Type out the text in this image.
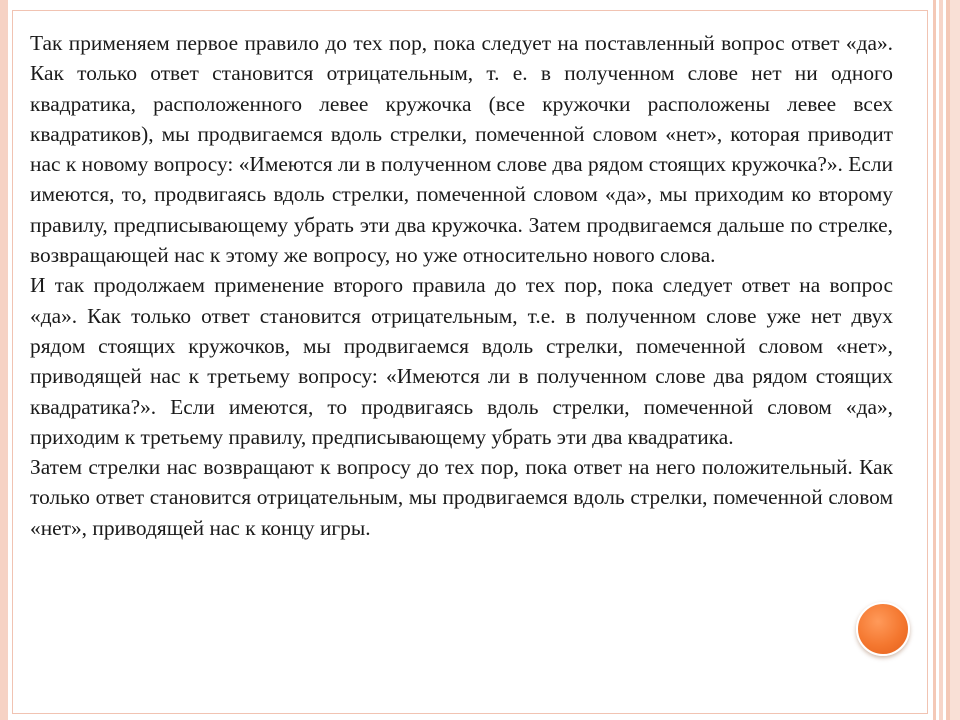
Так применяем первое правило до тех пор, пока следует на поставленный вопрос ответ «да». Как только ответ становится отрицательным, т. е. в полученном слове нет ни одного квадратика, расположенного левее кружочка (все кружочки расположены левее всех квадратиков), мы продвигаемся вдоль стрелки, помеченной словом «нет», которая приводит нас к новому вопросу: «Имеются ли в полученном слове два рядом стоящих кружочка?». Если имеются, то, продвигаясь вдоль стрелки, помеченной словом «да», мы приходим ко второму правилу, предписывающему убрать эти два кружочка. Затем продвигаемся дальше по стрелке, возвращающей нас к этому же вопросу, но уже относительно нового слова.

И так продолжаем применение второго правила до тех пор, пока следует ответ на вопрос «да». Как только ответ становится отрицательным, т.е. в полученном слове уже нет двух рядом стоящих кружочков, мы продвигаемся вдоль стрелки, помеченной словом «нет», приводящей нас к третьему вопросу: «Имеются ли в полученном слове два рядом стоящих квадратика?». Если имеются, то продвигаясь вдоль стрелки, помеченной словом «да», приходим к третьему правилу, предписывающему убрать эти два квадратика.

Затем стрелки нас возвращают к вопросу до тех пор, пока ответ на него положительный. Как только ответ становится отрицательным, мы продвигаемся вдоль стрелки, помеченной словом «нет», приводящей нас к концу игры.
